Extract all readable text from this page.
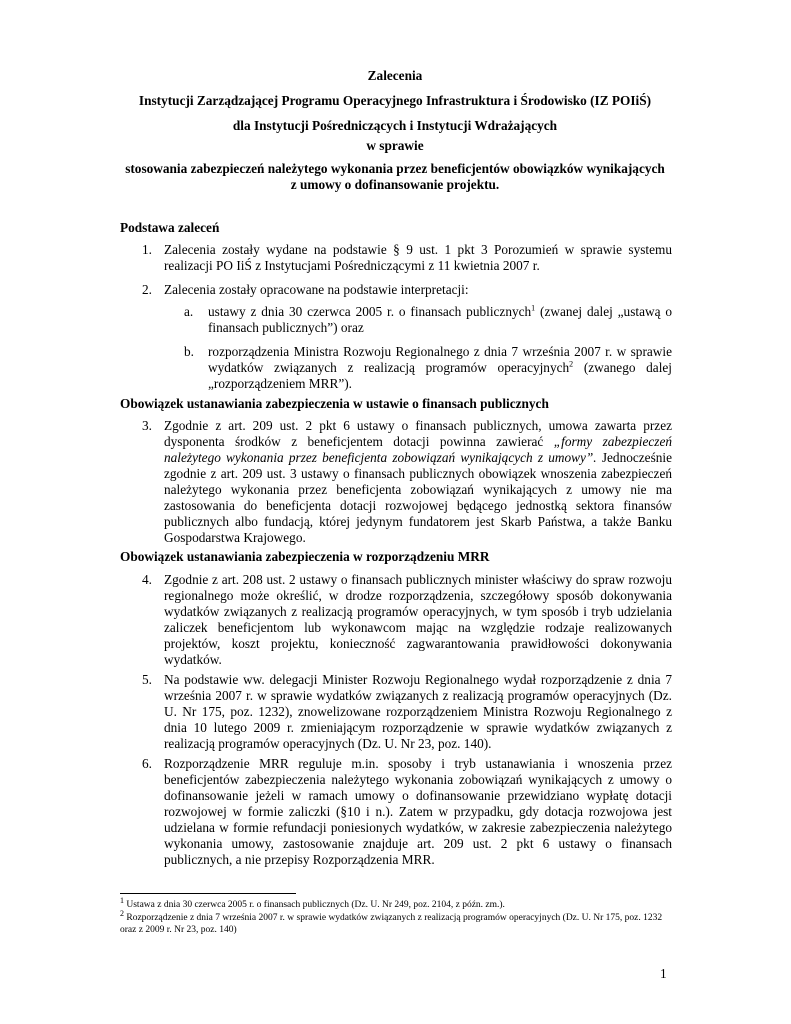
Zalecenia
Instytucji Zarządzającej Programu Operacyjnego Infrastruktura i Środowisko (IZ POIiŚ)
dla Instytucji Pośredniczących i Instytucji Wdrażających
w sprawie
stosowania zabezpieczeń należytego wykonania przez beneficjentów obowiązków wynikających
z umowy o dofinansowanie projektu.
Podstawa zaleceń
1. Zalecenia zostały wydane na podstawie § 9 ust. 1 pkt 3 Porozumień w sprawie systemu realizacji PO IiŚ z Instytucjami Pośredniczącymi z 11 kwietnia 2007 r.
2. Zalecenia zostały opracowane na podstawie interpretacji:
a. ustawy z dnia 30 czerwca 2005 r. o finansach publicznych$^1$ (zwanej dalej „ustawą o finansach publicznych”) oraz
b. rozporządzenia Ministra Rozwoju Regionalnego z dnia 7 września 2007 r. w sprawie wydatków związanych z realizacją programów operacyjnych$^2$ (zwanego dalej „rozporządzeniem MRR”).
Obowiązek ustanawiania zabezpieczenia w ustawie o finansach publicznych
3. Zgodnie z art. 209 ust. 2 pkt 6 ustawy o finansach publicznych, umowa zawarta przez dysponenta środków z beneficjentem dotacji powinna zawierać „formy zabezpieczeń należytego wykonania przez beneficjenta zobowiązań wynikających z umowy”. Jednocześnie zgodnie z art. 209 ust. 3 ustawy o finansach publicznych obowiązek wnoszenia zabezpieczeń należytego wykonania przez beneficjenta zobowiązań wynikających z umowy nie ma zastosowania do beneficjenta dotacji rozwojowej będącego jednostką sektora finansów publicznych albo fundacją, której jedynym fundatorem jest Skarb Państwa, a także Banku Gospodarstwa Krajowego.
Obowiązek ustanawiania zabezpieczenia w rozporządzeniu MRR
4. Zgodnie z art. 208 ust. 2 ustawy o finansach publicznych minister właściwy do spraw rozwoju regionalnego może określić, w drodze rozporządzenia, szczegółowy sposób dokonywania wydatków związanych z realizacją programów operacyjnych, w tym sposób i tryb udzielania zaliczek beneficjentom lub wykonawcom mając na względzie rodzaje realizowanych projektów, koszt projektu, konieczność zagwarantowania prawidłowości dokonywania wydatków.
5. Na podstawie ww. delegacji Minister Rozwoju Regionalnego wydał rozporządzenie z dnia 7 września 2007 r. w sprawie wydatków związanych z realizacją programów operacyjnych (Dz. U. Nr 175, poz. 1232), znowelizowane rozporządzeniem Ministra Rozwoju Regionalnego z dnia 10 lutego 2009 r. zmieniającym rozporządzenie w sprawie wydatków związanych z realizacją programów operacyjnych (Dz. U. Nr 23, poz. 140).
6. Rozporządzenie MRR reguluje m.in. sposoby i tryb ustanawiania i wnoszenia przez beneficjentów zabezpieczenia należytego wykonania zobowiązań wynikających z umowy o dofinansowanie jeżeli w ramach umowy o dofinansowanie przewidziano wypłatę dotacji rozwojowej w formie zaliczki (§10 i n.). Zatem w przypadku, gdy dotacja rozwojowa jest udzielana w formie refundacji poniesionych wydatków, w zakresie zabezpieczenia należytego wykonania umowy, zastosowanie znajduje art. 209 ust. 2 pkt 6 ustawy o finansach publicznych, a nie przepisy Rozporządzenia MRR.
$^1$ Ustawa z dnia 30 czerwca 2005 r. o finansach publicznych (Dz. U. Nr 249, poz. 2104, z późn. zm.).
$^2$ Rozporządzenie z dnia 7 września 2007 r. w sprawie wydatków związanych z realizacją programów operacyjnych (Dz. U. Nr 175, poz. 1232 oraz z 2009 r. Nr 23, poz. 140)
1
